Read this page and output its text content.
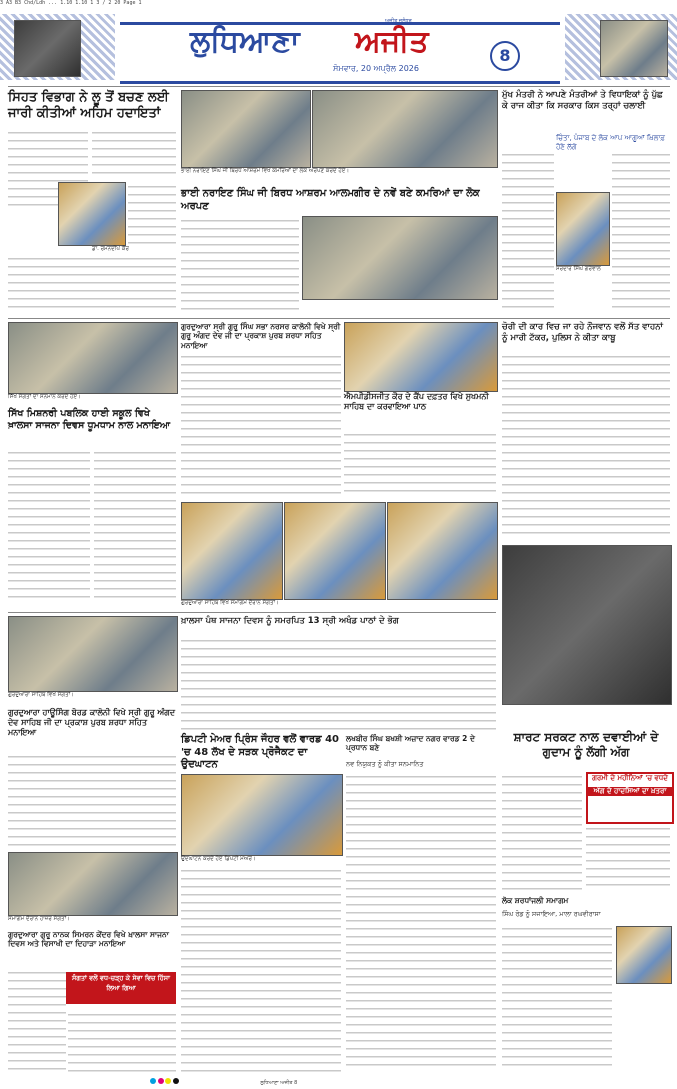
3 A3 B3 Chd/Ldh ... 1.10 1.10 1 3 / 2 20 Page 1
ਅਜੀਤ ਜਲੰਧਰ
ਲੁਧਿਆਣਾ ਅਜੀਤ
ਸੋਮਵਾਰ, 20 ਅਪ੍ਰੈਲ 2026
8
ਸਿਹਤ ਵਿਭਾਗ ਨੇ ਲੂ ਤੋਂ ਬਚਣ ਲਈ ਜਾਰੀ ਕੀਤੀਆਂ ਅਹਿਮ ਹਦਾਇਤਾਂ
ਡਾ. ਰਮਨਦੀਪ ਕੌਰ
ਭਾਈ ਨਰਾਇਣ ਸਿੰਘ ਜੀ ਬਿਰਧ ਆਸ਼ਰਮ ਵਿਖੇ ਕਮਰਿਆਂ ਦਾ ਲੋਕ ਅਰਪਣ ਕਰਦੇ ਹੋਏ।
ਭਾਈ ਨਰਾਇਣ ਸਿੰਘ ਜੀ ਬਿਰਧ ਆਸ਼ਰਮ ਆਲਮਗੀਰ ਦੇ ਨਵੇਂ ਬਣੇ ਕਮਰਿਆਂ ਦਾ ਲੋਕ ਅਰਪਣ
ਮੁੱਖ ਮੰਤਰੀ ਨੇ ਆਪਣੇ ਮੰਤਰੀਆਂ ਤੇ ਵਿਧਾਇਕਾਂ ਨੂੰ ਪੁੱਛ ਕੇ ਰਾਜ ਕੀਤਾ ਕਿ ਸਰਕਾਰ ਕਿਸ ਤਰ੍ਹਾਂ ਚਲਾਈ
ਚਿੰਤਾ, ਪੰਜਾਬ ਦੇ ਲੋਕ ਆਪ ਆਗੂਆਂ ਖ਼ਿਲਾਫ਼ ਹੋਣੇ ਲੱਗੇ
ਸਰਦਾਰ ਸਿੰਘ ਗਰੇਵਾਲ
ਸਿੱਖ ਸੰਗਤਾਂ ਦਾ ਸਨਮਾਨ ਕਰਦੇ ਹੋਏ।
ਗੁਰਦੁਆਰਾ ਸ੍ਰੀ ਗੁਰੂ ਸਿੰਘ ਸਭਾ ਨਰਸਰ ਕਾਲੋਨੀ ਵਿਖੇ ਸ੍ਰੀ ਗੁਰੂ ਅੰਗਦ ਦੇਵ ਜੀ ਦਾ ਪ੍ਰਕਾਸ਼ ਪੁਰਬ ਸ਼ਰਧਾ ਸਹਿਤ ਮਨਾਇਆ
ਸਿੱਖ ਮਿਸ਼ਨਰੀ ਪਬਲਿਕ ਹਾਈ ਸਕੂਲ ਵਿਖੇ ਖ਼ਾਲਸਾ ਸਾਜਨਾ ਦਿਵਸ ਧੂਮਧਾਮ ਨਾਲ ਮਨਾਇਆ
ਐਮਪੀਡੀਸਜੀਤ ਕੌਰ ਦੇ ਕੈਂਪ ਦਫ਼ਤਰ ਵਿਖੇ ਸੁਖਮਨੀ ਸਾਹਿਬ ਦਾ ਕਰਵਾਇਆ ਪਾਠ
ਚੋਰੀ ਦੀ ਕਾਰ ਵਿਚ ਜਾ ਰਹੇ ਨੌਜਵਾਨ ਵਲੋਂ ਸੱਤ ਵਾਹਨਾਂ ਨੂੰ ਮਾਰੀ ਟੱਕਰ, ਪੁਲਿਸ ਨੇ ਕੀਤਾ ਕਾਬੂ
ਗੁਰਦੁਆਰਾ ਸਾਹਿਬ ਵਿਖੇ ਸਮਾਗਮ ਦੌਰਾਨ ਸੰਗਤਾਂ।
ਗੁਰਦੁਆਰਾ ਸਾਹਿਬ ਵਿਖੇ ਸੰਗਤਾਂ।
ਗੁਰਦੁਆਰਾ ਹਾਊਸਿੰਗ ਬੋਰਡ ਕਾਲੋਨੀ ਵਿਖੇ ਸ੍ਰੀ ਗੁਰੂ ਅੰਗਦ ਦੇਵ ਸਾਹਿਬ ਜੀ ਦਾ ਪ੍ਰਕਾਸ਼ ਪੁਰਬ ਸ਼ਰਧਾ ਸਹਿਤ ਮਨਾਇਆ
ਖ਼ਾਲਸਾ ਪੰਥ ਸਾਜਨਾ ਦਿਵਸ ਨੂੰ ਸਮਰਪਿਤ 13 ਸ੍ਰੀ ਅਖੰਡ ਪਾਠਾਂ ਦੇ ਭੋਗ
ਡਿਪਟੀ ਮੇਅਰ ਪ੍ਰਿੰਸ ਜੌਹਰ ਵਲੋਂ ਵਾਰਡ 40 'ਚ 48 ਲੱਖ ਦੇ ਸੜਕ ਪ੍ਰੋਜੈਕਟ ਦਾ ਉਦਘਾਟਨ
ਉਦਘਾਟਨ ਕਰਦੇ ਹੋਏ ਡਿਪਟੀ ਮੇਅਰ।
ਲਖਬੀਰ ਸਿੰਘ ਬਖਸ਼ੀ ਅਜ਼ਾਦ ਨਗਰ ਵਾਰਡ 2 ਦੇ ਪ੍ਰਧਾਨ ਬਣੇ
ਨਵ ਨਿਯੁਕਤ ਨੂੰ ਕੀਤਾ ਸਨਮਾਨਿਤ
ਸ਼ਾਰਟ ਸਰਕਟ ਨਾਲ ਦਵਾਈਆਂ ਦੇ ਗੁਦਾਮ ਨੂੰ ਲੱਗੀ ਅੱਗ
ਗਰਮੀ ਦੇ ਮਹੀਨਿਆਂ 'ਚ ਵਧਦੇ
ਅੱਗ ਦੇ ਹਾਦਸਿਆਂ ਦਾ ਖ਼ਤਰਾ
ਸਮਾਗਮ ਦੌਰਾਨ ਹਾਜ਼ਰ ਸੰਗਤਾਂ।
ਗੁਰਦੁਆਰਾ ਗੁਰੂ ਨਾਨਕ ਸਿਮਰਨ ਕੇਂਦਰ ਵਿਖੇ ਖ਼ਾਲਸਾ ਸਾਜਨਾ ਦਿਵਸ ਅਤੇ ਵਿਸਾਖੀ ਦਾ ਦਿਹਾੜਾ ਮਨਾਇਆ
ਸੰਗਤਾਂ ਵਲੋਂ ਵਧ-ਚੜ੍ਹ ਕੇ ਸੇਵਾ ਵਿਚ ਹਿੱਸਾ ਲਿਆ ਗਿਆ
ਲੋਕ ਸ਼ਰਧਾਂਜਲੀ ਸਮਾਗਮ
ਸਿੰਘ ਰੋਡ ਨੂੰ ਸਜਾਇਆ, ਮਾਲਾ ਰਘਵੀਰਾਸਾ
ਲੁਧਿਆਣਾ ਅਜੀਤ 8
